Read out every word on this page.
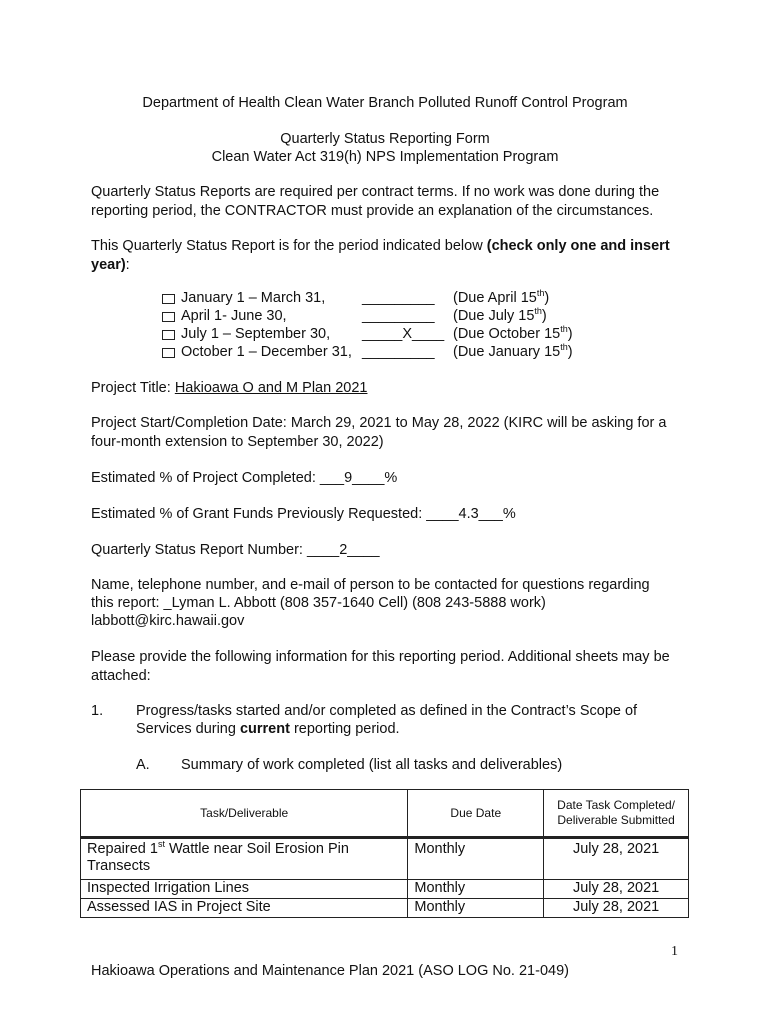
Department of Health Clean Water Branch Polluted Runoff Control Program
Quarterly Status Reporting Form
Clean Water Act 319(h) NPS Implementation Program
Quarterly Status Reports are required per contract terms. If no work was done during the reporting period, the CONTRACTOR must provide an explanation of the circumstances.
This Quarterly Status Report is for the period indicated below (check only one and insert year):
January 1 – March 31,	_________ (Due April 15th)
April 1- June 30,	_________ (Due July 15th)
July 1 – September 30, _____X____ (Due October 15th)
October 1 – December 31, _________ (Due January 15th)
Project Title: Hakioawa O and M Plan 2021
Project Start/Completion Date: March 29, 2021 to May 28, 2022 (KIRC will be asking for a four-month extension to September 30, 2022)
Estimated % of Project Completed: ___9____%
Estimated % of Grant Funds Previously Requested: ____4.3___%
Quarterly Status Report Number: ____2____
Name, telephone number, and e-mail of person to be contacted for questions regarding
this report: _Lyman L. Abbott (808 357-1640 Cell) (808 243-5888 work)
labbott@kirc.hawaii.gov
Please provide the following information for this reporting period. Additional sheets may be attached:
1. Progress/tasks started and/or completed as defined in the Contract’s Scope of
Services during current reporting period.
A. Summary of work completed (list all tasks and deliverables)
Task/Deliverable	Due Date	Date Task Completed/ Deliverable Submitted
Repaired 1st Wattle near Soil Erosion Pin Transects	Monthly	July 28, 2021
Inspected Irrigation Lines	Monthly	July 28, 2021
Assessed IAS in Project Site	Monthly	July 28, 2021
1
Hakioawa Operations and Maintenance Plan 2021 (ASO LOG No. 21-049)
